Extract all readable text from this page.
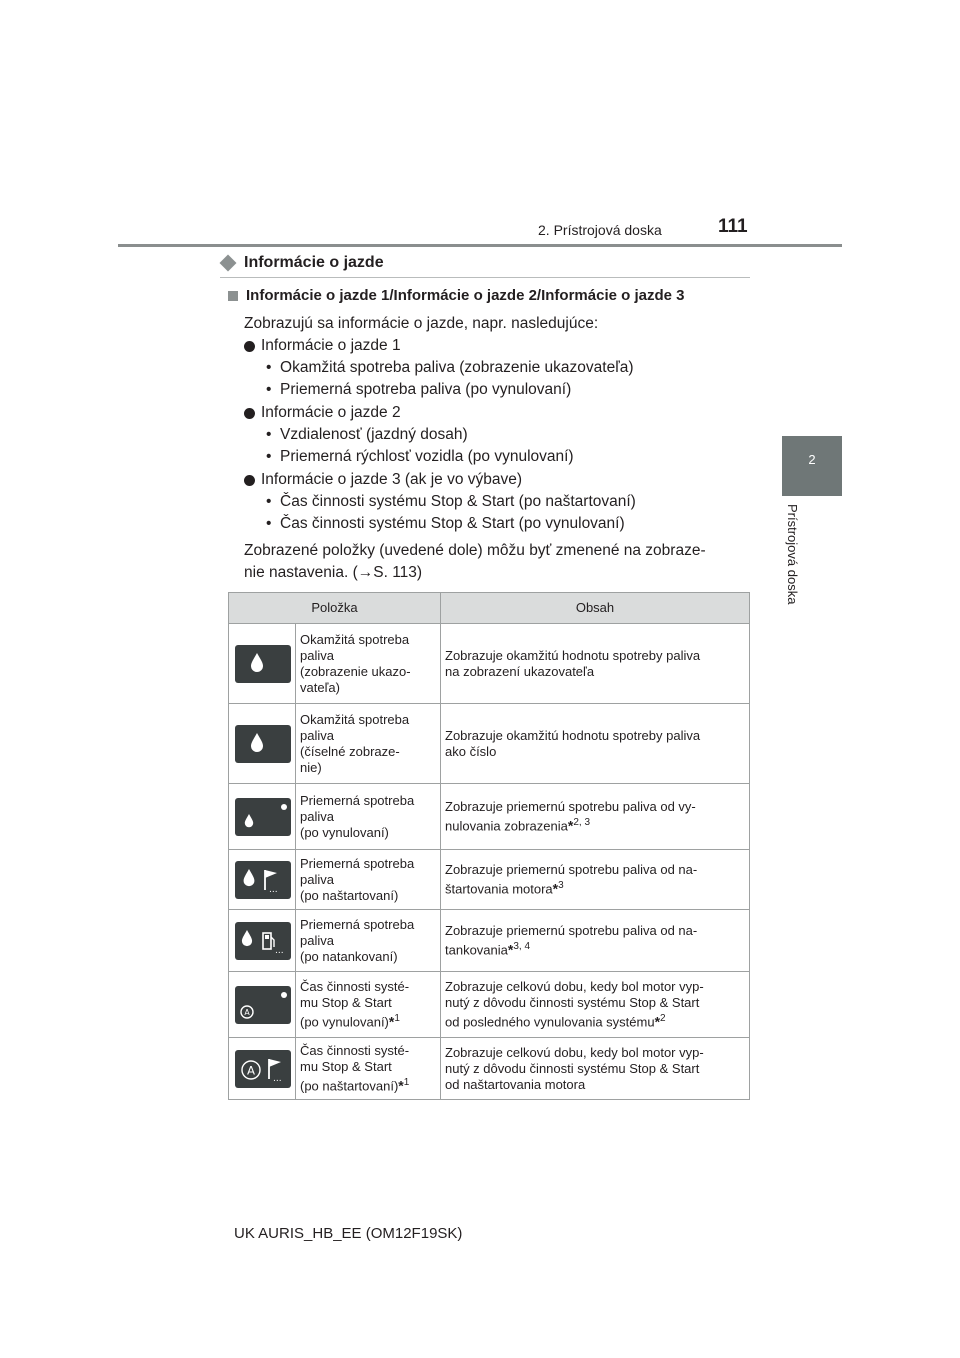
2. Prístrojová doska	111
2
Prístrojová doska
Informácie o jazde
Informácie o jazde 1/Informácie o jazde 2/Informácie o jazde 3
Zobrazujú sa informácie o jazde, napr. nasledujúce:
Informácie o jazde 1
•  Okamžitá spotreba paliva (zobrazenie ukazovateľa)
•  Priemerná spotreba paliva (po vynulovaní)
Informácie o jazde 2
•  Vzdialenosť (jazdný dosah)
•  Priemerná rýchlosť vozidla (po vynulovaní)
Informácie o jazde 3 (ak je vo výbave)
•  Čas činnosti systému Stop & Start (po naštartovaní)
•  Čas činnosti systému Stop & Start (po vynulovaní)
Zobrazené položky (uvedené dole) môžu byť zmenené na zobraze-
nie nastavenia. (→S. 113)
Položka		Obsah

	Okamžitá spotreba
paliva
(zobrazenie ukazo-
vateľa)	Zobrazuje okamžitú hodnotu spotreby paliva
na zobrazení ukazovateľa

	Okamžitá spotreba
paliva
(číselné zobraze-
nie)	Zobrazuje okamžitú hodnotu spotreby paliva
ako číslo

	Priemerná spotreba
paliva
(po vynulovaní)	Zobrazuje priemernú spotrebu paliva od vy-
nulovania zobrazenia*$^{2, 3}$

...	Priemerná spotreba
paliva
(po naštartovaní)	Zobrazuje priemernú spotrebu paliva od na-
štartovania motora*$^3$

...	Priemerná spotreba
paliva
(po natankovaní)	Zobrazuje priemernú spotrebu paliva od na-
tankovania*$^{3, 4}$

A	Čas činnosti systé-
mu Stop & Start
(po vynulovaní)*$^1$	Zobrazuje celkovú dobu, kedy bol motor vyp-
nutý z dôvodu činnosti systému Stop & Start
od posledného vynulovania systému*$^2$

A
...	Čas činnosti systé-
mu Stop & Start
(po naštartovaní)*$^1$	Zobrazuje celkovú dobu, kedy bol motor vyp-
nutý z dôvodu činnosti systému Stop & Start
od naštartovania motora
UK AURIS_HB_EE (OM12F19SK)
